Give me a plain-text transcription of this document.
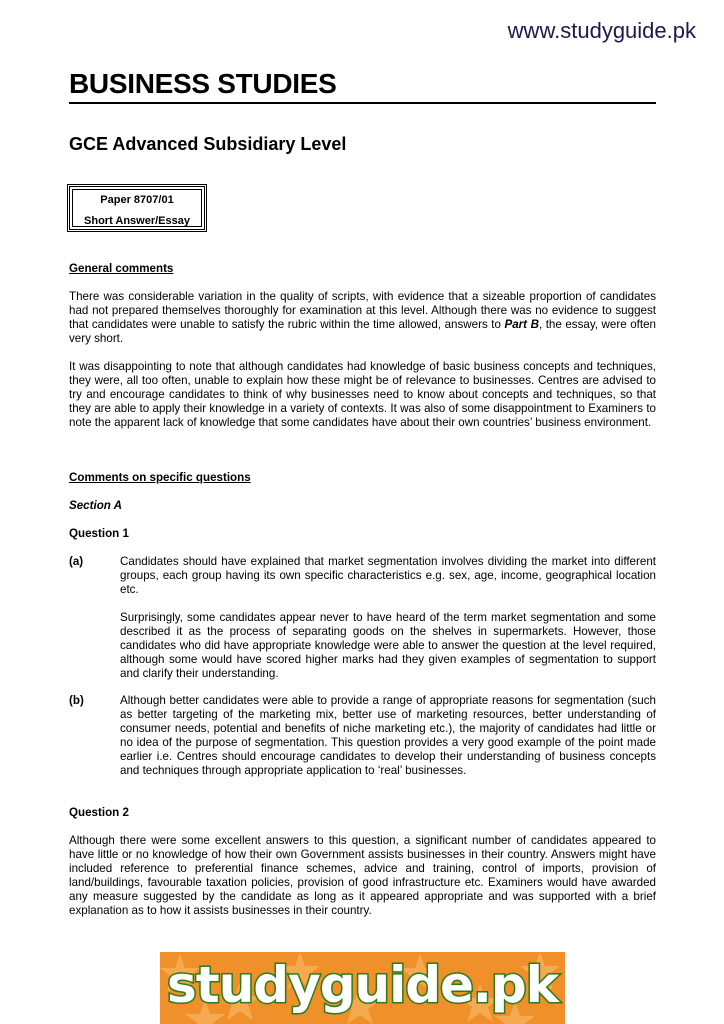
www.studyguide.pk
BUSINESS STUDIES
GCE Advanced Subsidiary Level
Paper 8707/01
Short Answer/Essay
General comments
There was considerable variation in the quality of scripts, with evidence that a sizeable proportion of candidates had not prepared themselves thoroughly for examination at this level. Although there was no evidence to suggest that candidates were unable to satisfy the rubric within the time allowed, answers to Part B, the essay, were often very short.
It was disappointing to note that although candidates had knowledge of basic business concepts and techniques, they were, all too often, unable to explain how these might be of relevance to businesses. Centres are advised to try and encourage candidates to think of why businesses need to know about concepts and techniques, so that they are able to apply their knowledge in a variety of contexts. It was also of some disappointment to Examiners to note the apparent lack of knowledge that some candidates have about their own countries’ business environment.
Comments on specific questions
Section A
Question 1
(a)	Candidates should have explained that market segmentation involves dividing the market into different groups, each group having its own specific characteristics e.g. sex, age, income, geographical location etc.
Surprisingly, some candidates appear never to have heard of the term market segmentation and some described it as the process of separating goods on the shelves in supermarkets. However, those candidates who did have appropriate knowledge were able to answer the question at the level required, although some would have scored higher marks had they given examples of segmentation to support and clarify their understanding.
(b)	Although better candidates were able to provide a range of appropriate reasons for segmentation (such as better targeting of the marketing mix, better use of marketing resources, better understanding of consumer needs, potential and benefits of niche marketing etc.), the majority of candidates had little or no idea of the purpose of segmentation. This question provides a very good example of the point made earlier i.e. Centres should encourage candidates to develop their understanding of business concepts and techniques through appropriate application to ‘real’ businesses.
Question 2
Although there were some excellent answers to this question, a significant number of candidates appeared to have little or no knowledge of how their own Government assists businesses in their country. Answers might have included reference to preferential finance schemes, advice and training, control of imports, provision of land/buildings, favourable taxation policies, provision of good infrastructure etc. Examiners would have awarded any measure suggested by the candidate as long as it appeared appropriate and was supported with a brief explanation as to how it assists businesses in their country.
studyguide.pk
